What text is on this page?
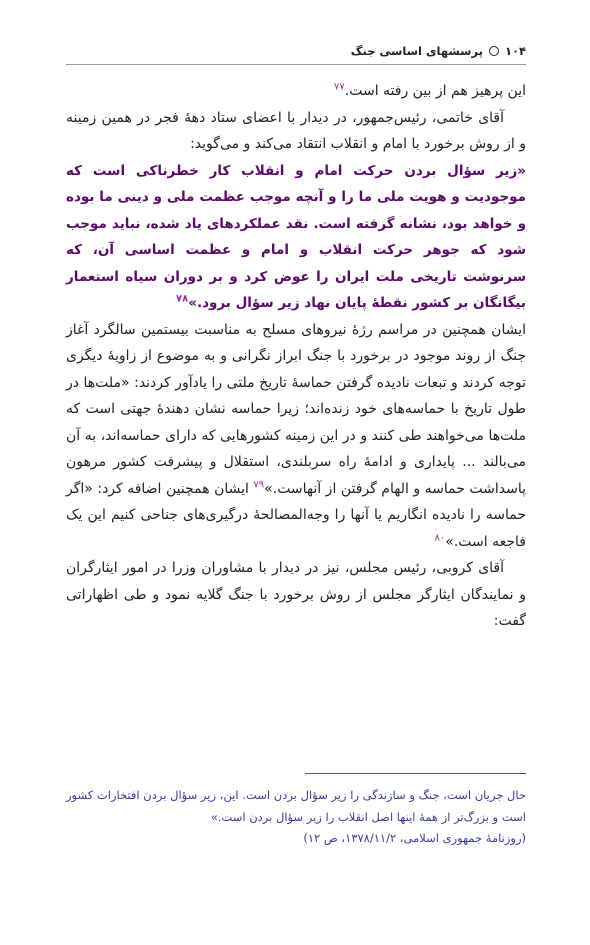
۱۰۴
پرسشهای اساسی جنگ

این پرهیز هم از بین رفته است.$^{۷۷}$

آقای خاتمی، رئیس‌جمهور، در دیدار با اعضای ستاد دهۀ فجر در همین زمینه و از روش برخورد با امام و انقلاب انتقاد می‌کند و می‌گوید:

«زیر سؤال بردن حرکت امام و انقلاب کار خطرناکی است که موجودیت و هویت ملی ما را و آنچه موجب عظمت ملی و دینی ما بوده و خواهد بود، نشانه گرفته است. نقد عملکردهای یاد شده، نباید موجب شود که جوهر حرکت انقلاب و امام و عظمت اساسی آن، که سرنوشت تاریخی ملت ایران را عوض کرد و بر دوران سیاه استعمار بیگانگان بر کشور نقطۀ پایان نهاد زیر سؤال برود.»$^{۷۸}$

ایشان همچنین در مراسم رژۀ نیروهای مسلح به مناسبت بیستمین سالگرد آغاز جنگ از روند موجود در برخورد با جنگ ابراز نگرانی و به موضوع از زاویۀ دیگری توجه کردند و تبعات نادیده گرفتن حماسۀ تاریخ ملتی را یادآور کردند: «ملت‌ها در طول تاریخ با حماسه‌های خود زنده‌اند؛ زیرا حماسه نشان دهندۀ جهتی است که ملت‌ها می‌خواهند طی کنند و در این زمینه کشورهایی که دارای حماسه‌اند، به آن می‌بالند ... پایداری و ادامۀ راه سربلندی، استقلال و پیشرفت کشور مرهون پاسداشت حماسه و الهام گرفتن از آنهاست.»$^{۷۹}$ ایشان همچنین اضافه کرد: «اگر حماسه را نادیده انگاریم یا آنها را وجه‌المصالحۀ درگیری‌های جناحی کنیم این یک فاجعه است.»$^{۸۰}$

آقای کروبی، رئیس مجلس، نیز در دیدار با مشاوران وزرا در امور ایثارگران و نمایندگان ایثارگر مجلس از روش برخورد با جنگ گلایه نمود و طی اظهاراتی گفت:

حال جریان است، جنگ و سازندگی را زیر سؤال بردن است. این، زیر سؤال بردن افتخارات کشور است و بزرگ‌تر از همۀ اینها اصل انقلاب را زیر سؤال بردن است.»
(روزنامۀ جمهوری اسلامی، ۱۳۷۸/۱۱/۲، ص ۱۲)
